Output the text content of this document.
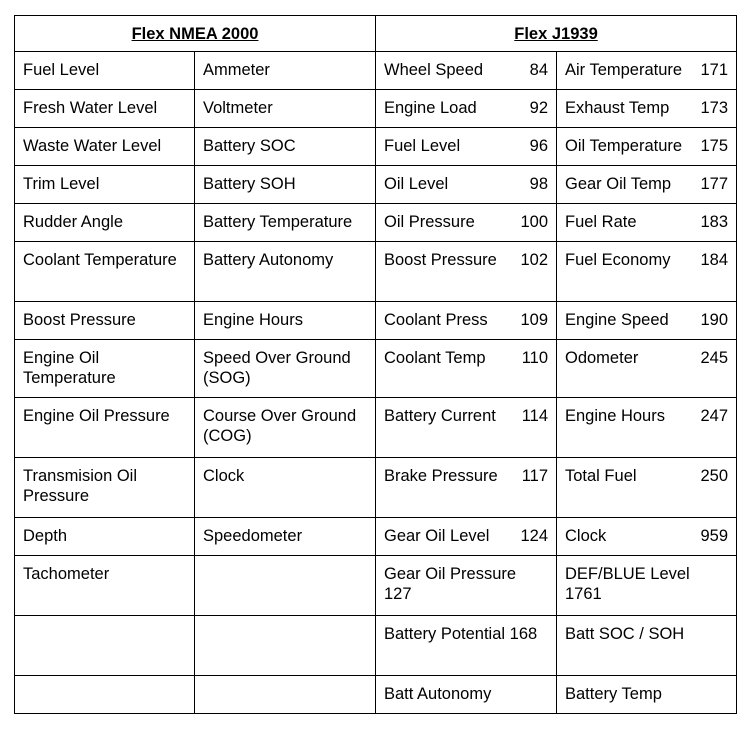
Flex NMEA 2000		Flex J1939	
Fuel Level	Ammeter	Wheel Speed 84	Air Temperature 171

Fresh Water Level	Voltmeter	Engine Load 92	Exhaust Temp 173

Waste Water Level	Battery SOC	Fuel Level 96	Oil Temperature 175

Trim Level	Battery SOH	Oil Level 98	Gear Oil Temp 177

Rudder Angle	Battery Temperature	Oil Pressure 100	Fuel Rate 183

Coolant Temperature	Battery Autonomy	Boost Pressure 102	Fuel Economy 184

Boost Pressure	Engine Hours	Coolant Press 109	Engine Speed 190

Engine Oil Temperature	Speed Over Ground (SOG)	Coolant Temp 110	Odometer 245

Engine Oil Pressure	Course Over Ground (COG)	Battery Current 114	Engine Hours 247

Transmision Oil Pressure	Clock	Brake Pressure 117	Total Fuel 250

Depth	Speedometer	Gear Oil Level 124	Clock 959

Tachometer		Gear Oil Pressure 127	DEF/BLUE Level 1761

		Battery Potential 168	Batt SOC / SOH

		Batt Autonomy	Battery Temp
